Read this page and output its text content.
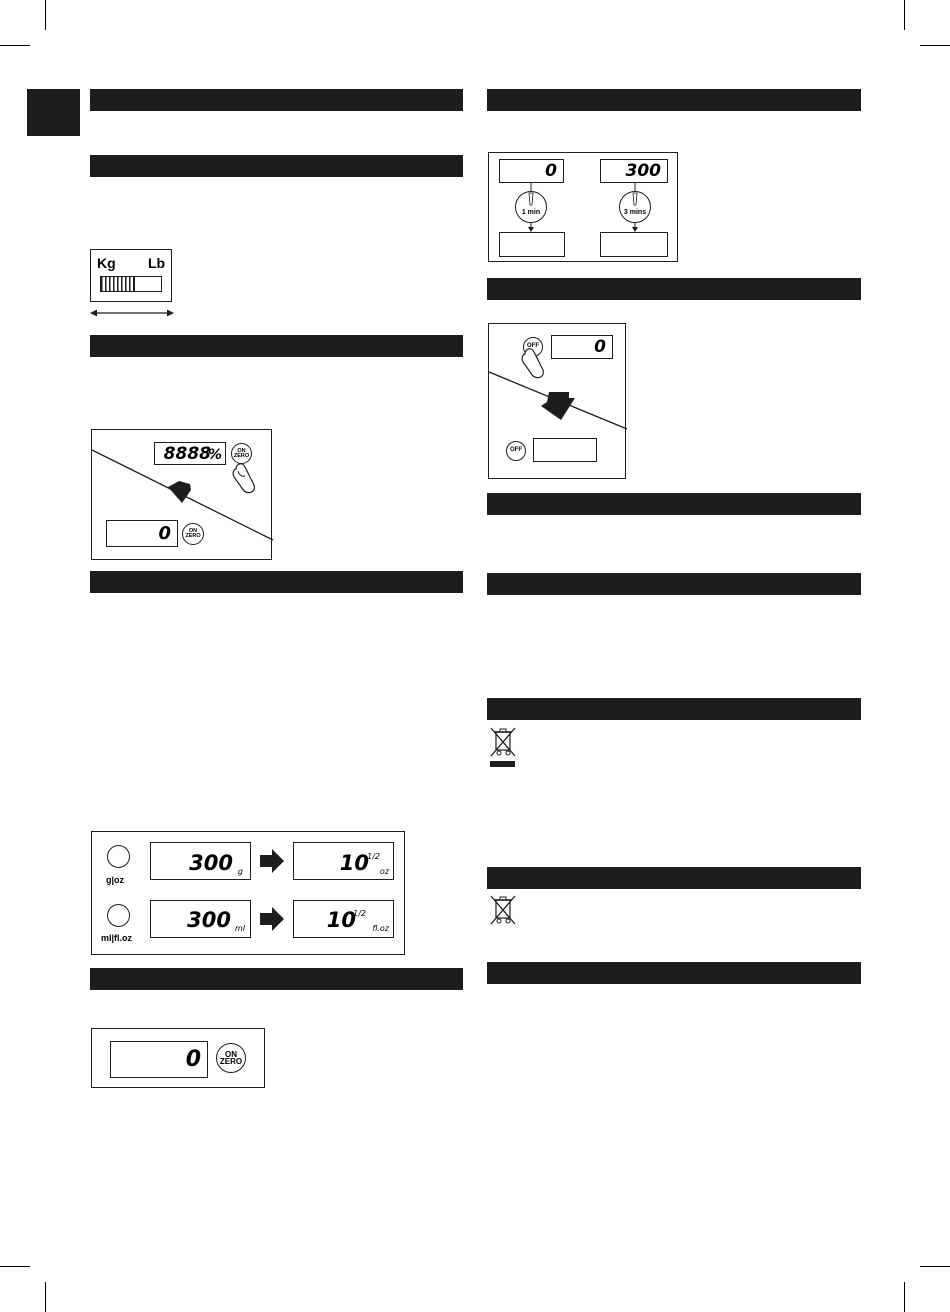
Kg Lb
8888
%	ON
ZERO
0	ON
ZERO
g|oz
ml|fl.oz
300 g	10
1/2
oz
300 ml	10
1/2
fl.oz
0	ON
ZERO
0	300
1 min	3 mins
OFF	0
OFF
